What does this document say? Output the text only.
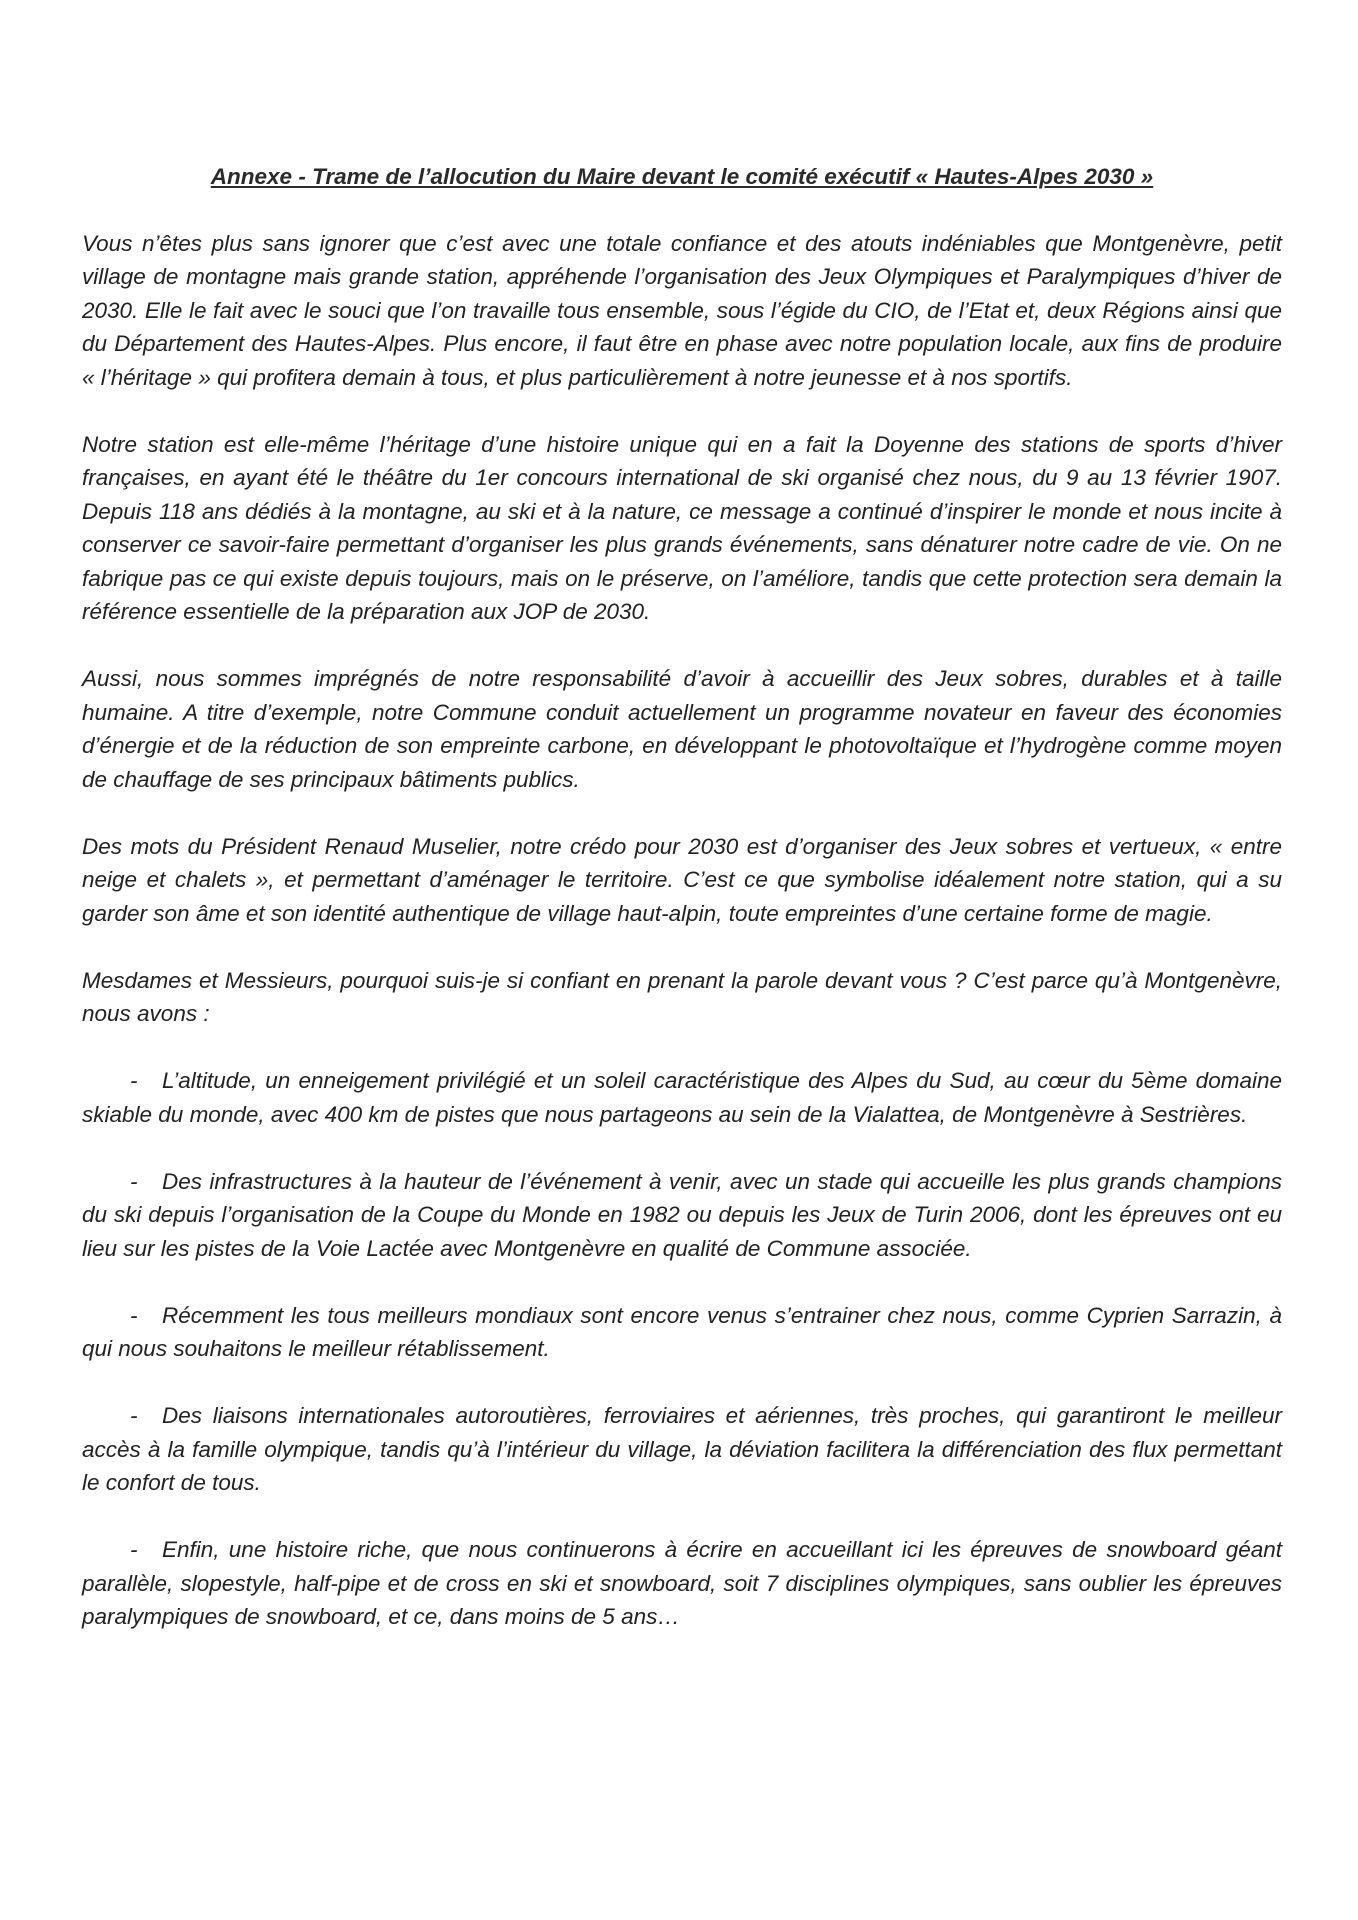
Annexe - Trame de l’allocution du Maire devant le comité exécutif « Hautes-Alpes 2030 »

Vous n’êtes plus sans ignorer que c’est avec une totale confiance et des atouts indéniables que Montgenèvre, petit village de montagne mais grande station, appréhende l’organisation des Jeux Olympiques et Paralympiques d’hiver de 2030. Elle le fait avec le souci que l’on travaille tous ensemble, sous l’égide du CIO, de l’Etat et, deux Régions ainsi que du Département des Hautes-Alpes. Plus encore, il faut être en phase avec notre population locale, aux fins de produire « l’héritage » qui profitera demain à tous, et plus particulièrement à notre jeunesse et à nos sportifs.

Notre station est elle-même l’héritage d’une histoire unique qui en a fait la Doyenne des stations de sports d’hiver françaises, en ayant été le théâtre du 1er concours international de ski organisé chez nous, du 9 au 13 février 1907. Depuis 118 ans dédiés à la montagne, au ski et à la nature, ce message a continué d’inspirer le monde et nous incite à conserver ce savoir-faire permettant d’organiser les plus grands événements, sans dénaturer notre cadre de vie. On ne fabrique pas ce qui existe depuis toujours, mais on le préserve, on l’améliore, tandis que cette protection sera demain la référence essentielle de la préparation aux JOP de 2030.

Aussi, nous sommes imprégnés de notre responsabilité d’avoir à accueillir des Jeux sobres, durables et à taille humaine. A titre d’exemple, notre Commune conduit actuellement un programme novateur en faveur des économies d’énergie et de la réduction de son empreinte carbone, en développant le photovoltaïque et l’hydrogène comme moyen de chauffage de ses principaux bâtiments publics.

Des mots du Président Renaud Muselier, notre crédo pour 2030 est d’organiser des Jeux sobres et vertueux, « entre neige et chalets », et permettant d’aménager le territoire. C’est ce que symbolise idéalement notre station, qui a su garder son âme et son identité authentique de village haut-alpin, toute empreintes d’une certaine forme de magie.

Mesdames et Messieurs, pourquoi suis-je si confiant en prenant la parole devant vous ? C’est parce qu’à Montgenèvre, nous avons :

- L’altitude, un enneigement privilégié et un soleil caractéristique des Alpes du Sud, au cœur du 5ème domaine skiable du monde, avec 400 km de pistes que nous partageons au sein de la Vialattea, de Montgenèvre à Sestrières.

- Des infrastructures à la hauteur de l’événement à venir, avec un stade qui accueille les plus grands champions du ski depuis l’organisation de la Coupe du Monde en 1982 ou depuis les Jeux de Turin 2006, dont les épreuves ont eu lieu sur les pistes de la Voie Lactée avec Montgenèvre en qualité de Commune associée.

- Récemment les tous meilleurs mondiaux sont encore venus s’entrainer chez nous, comme Cyprien Sarrazin, à qui nous souhaitons le meilleur rétablissement.

- Des liaisons internationales autoroutières, ferroviaires et aériennes, très proches, qui garantiront le meilleur accès à la famille olympique, tandis qu’à l’intérieur du village, la déviation facilitera la différenciation des flux permettant le confort de tous.

- Enfin, une histoire riche, que nous continuerons à écrire en accueillant ici les épreuves de snowboard géant parallèle, slopestyle, half-pipe et de cross en ski et snowboard, soit 7 disciplines olympiques, sans oublier les épreuves paralympiques de snowboard, et ce, dans moins de 5 ans…
